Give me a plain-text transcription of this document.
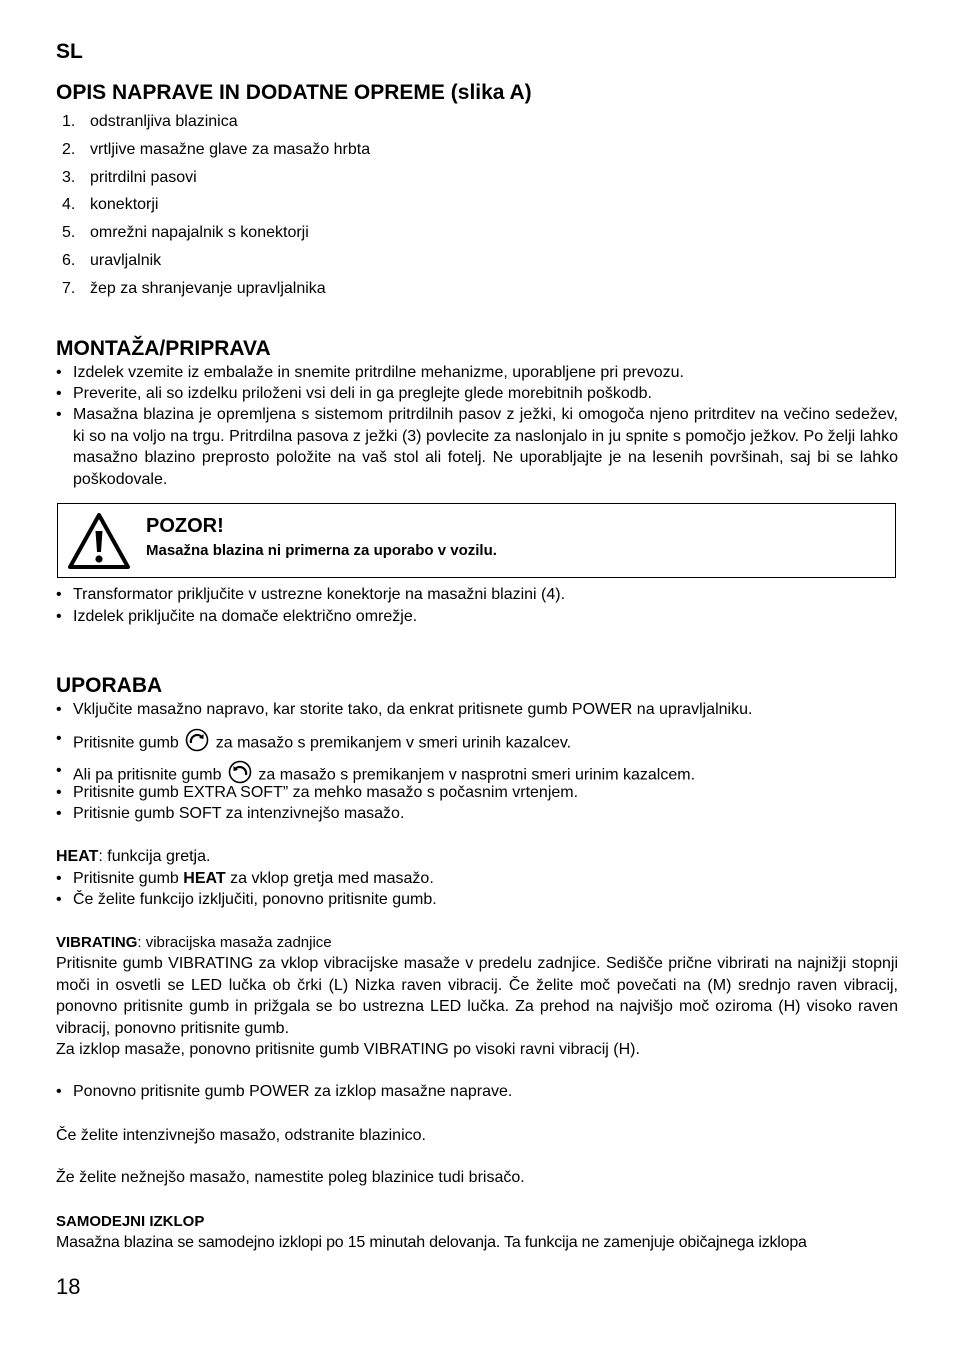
SL
OPIS NAPRAVE IN DODATNE OPREME (slika A)
1. odstranljiva blazinica
2. vrtljive masažne glave za masažo hrbta
3. pritrdilni pasovi
4. konektorji
5. omrežni napajalnik s konektorji
6. uravljalnik
7. žep za shranjevanje upravljalnika
MONTAŽA/PRIPRAVA
• Izdelek vzemite iz embalaže in snemite pritrdilne mehanizme, uporabljene pri prevozu.
• Preverite, ali so izdelku priloženi vsi deli in ga preglejte glede morebitnih poškodb.
• Masažna blazina je opremljena s sistemom pritrdilnih pasov z ježki, ki omogoča njeno pritrditev na večino sedežev, ki so na voljo na trgu. Pritrdilna pasova z ježki (3) povlecite za naslonjalo in ju spnite s pomočjo ježkov. Po želji lahko masažno blazino preprosto položite na vaš stol ali fotelj. Ne uporabljajte je na lesenih površinah, saj bi se lahko poškodovale.
POZOR!
Masažna blazina ni primerna za uporabo v vozilu.
• Transformator priključite v ustrezne konektorje na masažni blazini (4).
• Izdelek priključite na domače električno omrežje.
UPORABA
• Vključite masažno napravo, kar storite tako, da enkrat pritisnete gumb POWER na upravljalniku.
• Pritisnite gumb za masažo s premikanjem v smeri urinih kazalcev.
• Ali pa pritisnite gumb za masažo s premikanjem v nasprotni smeri urinim kazalcem.
• Pritisnite gumb EXTRA SOFT” za mehko masažo s počasnim vrtenjem.
• Pritisnie gumb SOFT za intenzivnejšo masažo.
HEAT: funkcija gretja.
• Pritisnite gumb HEAT za vklop gretja med masažo.
• Če želite funkcijo izključiti, ponovno pritisnite gumb.
VIBRATING: vibracijska masaža zadnjice
Pritisnite gumb VIBRATING za vklop vibracijske masaže v predelu zadnjice. Sedišče prične vibrirati na najnižji stopnji moči in osvetli se LED lučka ob črki (L) Nizka raven vibracij. Če želite moč povečati na (M) srednjo raven vibracij, ponovno pritisnite gumb in prižgala se bo ustrezna LED lučka. Za prehod na najvišjo moč oziroma (H) visoko raven vibracij, ponovno pritisnite gumb.
Za izklop masaže, ponovno pritisnite gumb VIBRATING po visoki ravni vibracij (H).
• Ponovno pritisnite gumb POWER za izklop masažne naprave.
Če želite intenzivnejšo masažo, odstranite blazinico.
Že želite nežnejšo masažo, namestite poleg blazinice tudi brisačo.
SAMODEJNI IZKLOP
Masažna blazina se samodejno izklopi po 15 minutah delovanja. Ta funkcija ne zamenjuje običajnega izklopa
18
